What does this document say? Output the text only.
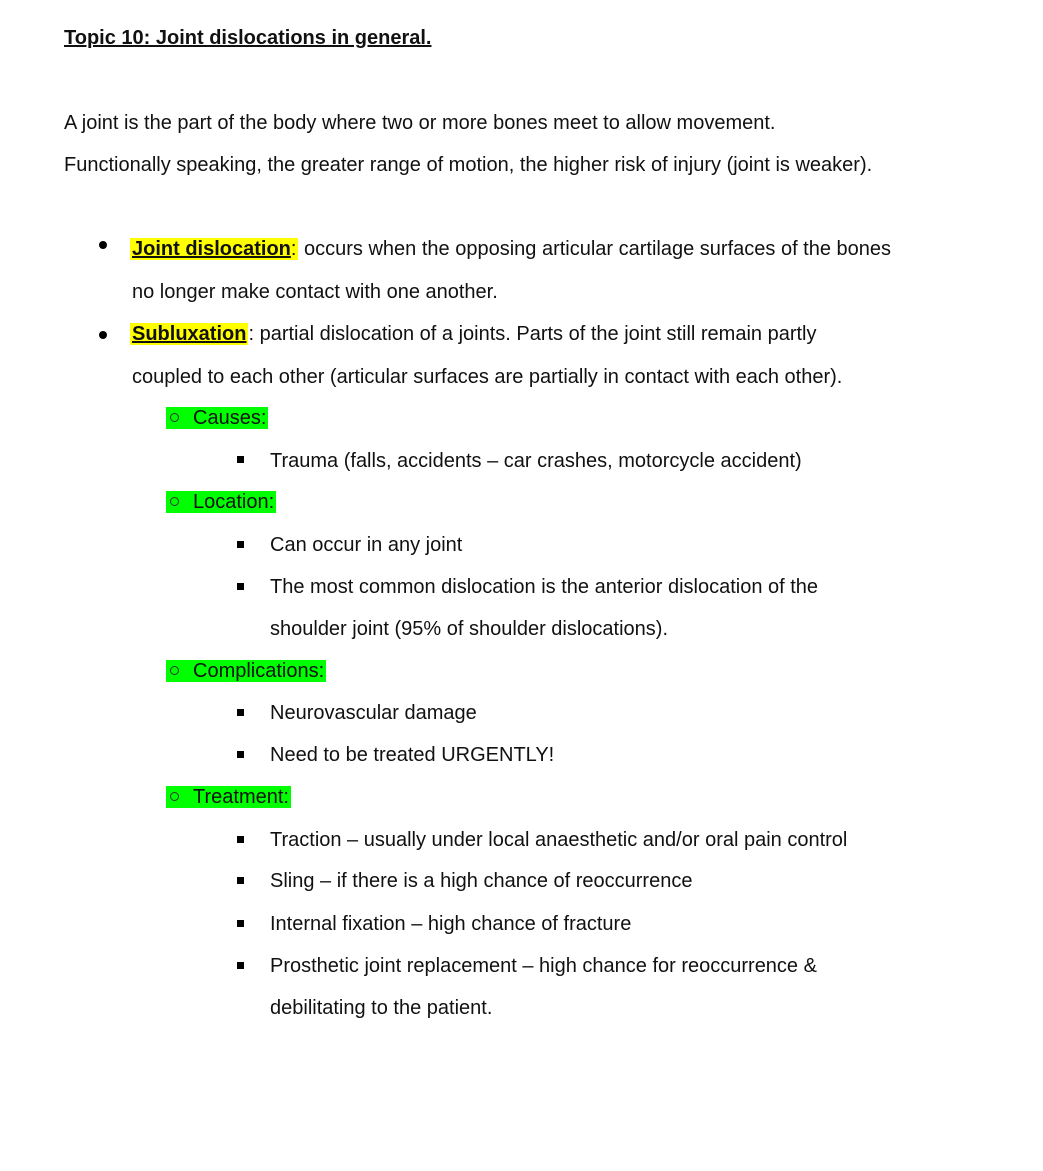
Topic 10: Joint dislocations in general.
A joint is the part of the body where two or more bones meet to allow movement.
Functionally speaking, the greater range of motion, the higher risk of injury (joint is weaker).
Joint dislocation: occurs when the opposing articular cartilage surfaces of the bones
no longer make contact with one another.
Subluxation : partial dislocation of a joints. Parts of the joint still remain partly
coupled to each other (articular surfaces are partially in contact with each other).
Causes:
Trauma (falls, accidents – car crashes, motorcycle accident)
Location:
Can occur in any joint
The most common dislocation is the anterior dislocation of the
shoulder joint (95% of shoulder dislocations).
Complications:
Neurovascular damage
Need to be treated URGENTLY!
Treatment:
Traction – usually under local anaesthetic and/or oral pain control
Sling – if there is a high chance of reoccurrence
Internal fixation – high chance of fracture
Prosthetic joint replacement – high chance for reoccurrence &
debilitating to the patient.
